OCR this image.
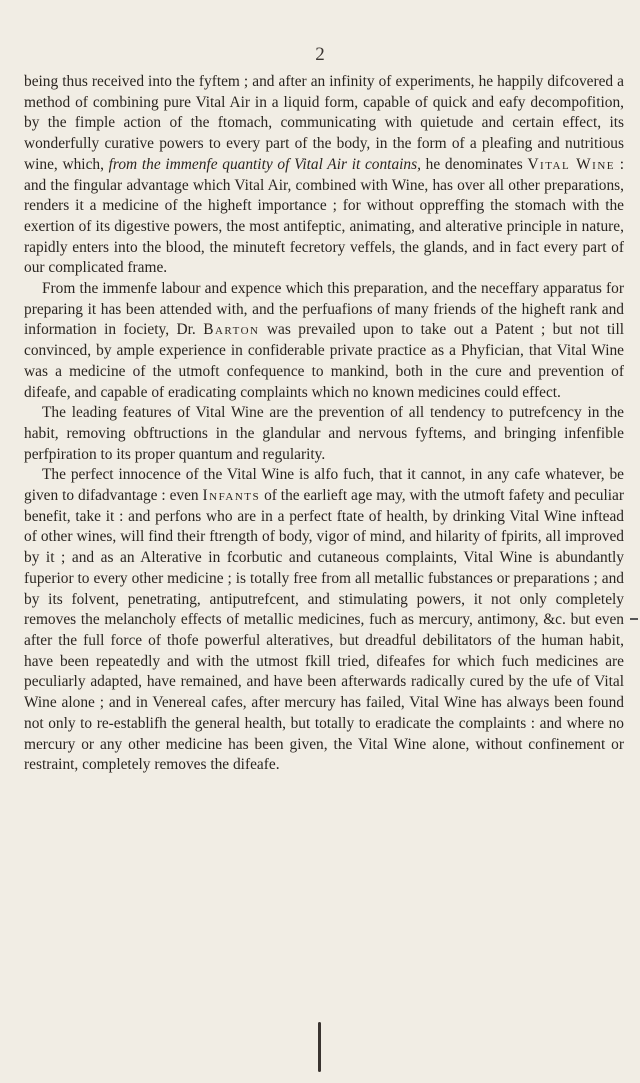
2

being thus received into the fyftem ; and after an infinity of experiments, he happily difcovered a method of combining pure Vital Air in a liquid form, capable of quick and eafy decompofition, by the fimple action of the ftomach, communicating with quietude and certain effect, its wonderfully curative powers to every part of the body, in the form of a pleafing and nutritious wine, which, from the immenfe quantity of Vital Air it contains, he denominates Vital Wine : and the fingular advantage which Vital Air, combined with Wine, has over all other preparations, renders it a medicine of the higheft importance ; for without oppreffing the stomach with the exertion of its digestive powers, the most antifeptic, animating, and alterative principle in nature, rapidly enters into the blood, the minuteft fecretory veffels, the glands, and in fact every part of our complicated frame.

From the immenfe labour and expence which this preparation, and the neceffary apparatus for preparing it has been attended with, and the perfuafions of many friends of the higheft rank and information in fociety, Dr. Barton was prevailed upon to take out a Patent ; but not till convinced, by ample experience in confiderable private practice as a Phyfician, that Vital Wine was a medicine of the utmoft confequence to mankind, both in the cure and prevention of difeafe, and capable of eradicating complaints which no known medicines could effect.

The leading features of Vital Wine are the prevention of all tendency to putrefcency in the habit, removing obftructions in the glandular and nervous fyftems, and bringing infenfible perfpiration to its proper quantum and regularity.

The perfect innocence of the Vital Wine is alfo fuch, that it cannot, in any cafe whatever, be given to difadvantage : even Infants of the earlieft age may, with the utmoft fafety and peculiar benefit, take it : and perfons who are in a perfect ftate of health, by drinking Vital Wine inftead of other wines, will find their ftrength of body, vigor of mind, and hilarity of fpirits, all improved by it ; and as an Alterative in fcorbutic and cutaneous complaints, Vital Wine is abundantly fuperior to every other medicine ; is totally free from all metallic fubstances or preparations ; and by its folvent, penetrating, antiputrefcent, and stimulating powers, it not only completely removes the melancholy effects of metallic medicines, fuch as mercury, antimony, &c. but even after the full force of thofe powerful alteratives, but dreadful debilitators of the human habit, have been repeatedly and with the utmost fkill tried, difeafes for which fuch medicines are peculiarly adapted, have remained, and have been afterwards radically cured by the ufe of Vital Wine alone ; and in Venereal cafes, after mercury has failed, Vital Wine has always been found not only to re-establifh the general health, but totally to eradicate the complaints : and where no mercury or any other medicine has been given, the Vital Wine alone, without confinement or restraint, completely removes the difeafe.
